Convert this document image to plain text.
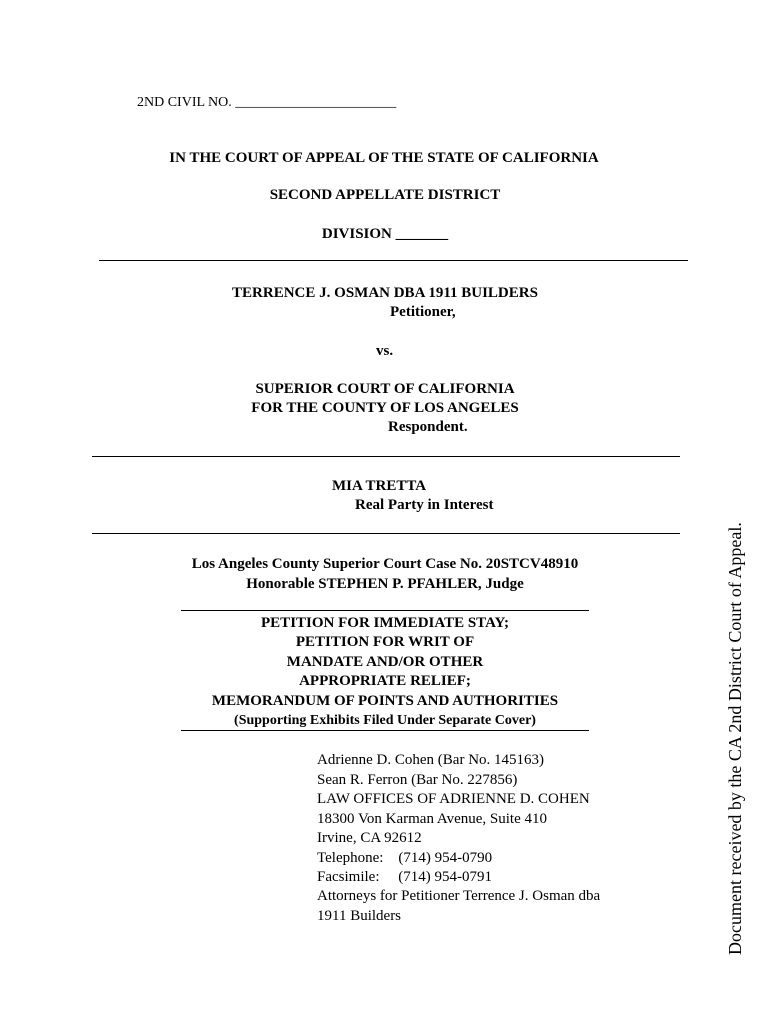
2ND CIVIL NO. _______________________
IN THE COURT OF APPEAL OF THE STATE OF CALIFORNIA
SECOND APPELLATE DISTRICT
DIVISION _______
TERRENCE J. OSMAN DBA 1911 BUILDERS
Petitioner,
vs.
SUPERIOR COURT OF CALIFORNIA
FOR THE COUNTY OF LOS ANGELES
Respondent.
MIA TRETTA
Real Party in Interest
Los Angeles County Superior Court Case No. 20STCV48910
Honorable STEPHEN P. PFAHLER, Judge
PETITION FOR IMMEDIATE STAY;
PETITION FOR WRIT OF
MANDATE AND/OR OTHER
APPROPRIATE RELIEF;
MEMORANDUM OF POINTS AND AUTHORITIES
(Supporting Exhibits Filed Under Separate Cover)
Adrienne D. Cohen (Bar No. 145163)
Sean R. Ferron (Bar No. 227856)
LAW OFFICES OF ADRIENNE D. COHEN
18300 Von Karman Avenue, Suite 410
Irvine, CA 92612
Telephone:    (714) 954-0790
Facsimile:     (714) 954-0791
Attorneys for Petitioner Terrence J. Osman dba
1911 Builders	Document received by the CA 2nd District Court of Appeal.
